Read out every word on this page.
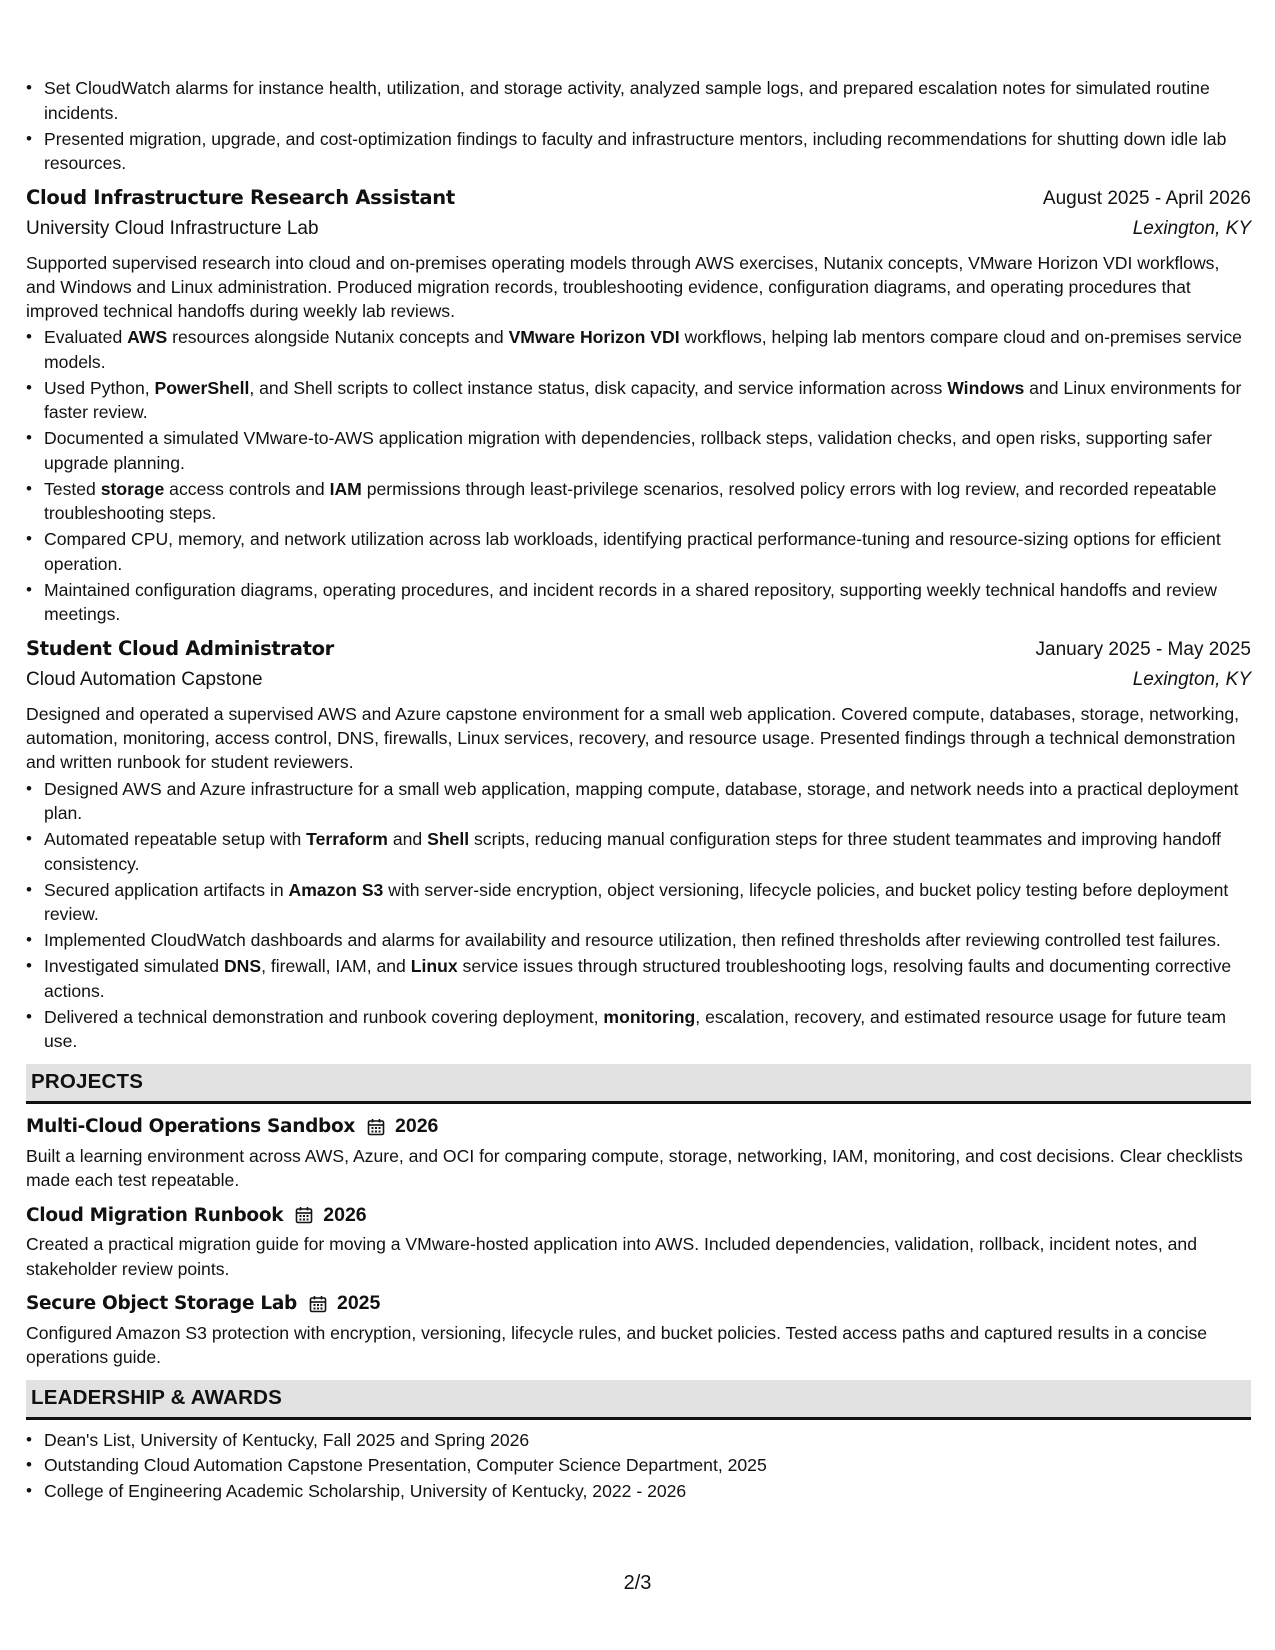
• Set CloudWatch alarms for instance health, utilization, and storage activity, analyzed sample logs, and prepared escalation notes for simulated routine incidents.
• Presented migration, upgrade, and cost-optimization findings to faculty and infrastructure mentors, including recommendations for shutting down idle lab resources.
Cloud Infrastructure Research Assistant	August 2025 - April 2026
University Cloud Infrastructure Lab	Lexington, KY

Supported supervised research into cloud and on-premises operating models through AWS exercises, Nutanix concepts, VMware Horizon VDI workflows, and Windows and Linux administration. Produced migration records, troubleshooting evidence, configuration diagrams, and operating procedures that improved technical handoffs during weekly lab reviews.

• Evaluated AWS resources alongside Nutanix concepts and VMware Horizon VDI workflows, helping lab mentors compare cloud and on-premises service models.
• Used Python, PowerShell, and Shell scripts to collect instance status, disk capacity, and service information across Windows and Linux environments for faster review.
• Documented a simulated VMware-to-AWS application migration with dependencies, rollback steps, validation checks, and open risks, supporting safer upgrade planning.
• Tested storage access controls and IAM permissions through least-privilege scenarios, resolved policy errors with log review, and recorded repeatable troubleshooting steps.
• Compared CPU, memory, and network utilization across lab workloads, identifying practical performance-tuning and resource-sizing options for efficient operation.
• Maintained configuration diagrams, operating procedures, and incident records in a shared repository, supporting weekly technical handoffs and review meetings.
Student Cloud Administrator	January 2025 - May 2025
Cloud Automation Capstone	Lexington, KY

Designed and operated a supervised AWS and Azure capstone environment for a small web application. Covered compute, databases, storage, networking, automation, monitoring, access control, DNS, firewalls, Linux services, recovery, and resource usage. Presented findings through a technical demonstration and written runbook for student reviewers.

• Designed AWS and Azure infrastructure for a small web application, mapping compute, database, storage, and network needs into a practical deployment plan.
• Automated repeatable setup with Terraform and Shell scripts, reducing manual configuration steps for three student teammates and improving handoff consistency.
• Secured application artifacts in Amazon S3 with server-side encryption, object versioning, lifecycle policies, and bucket policy testing before deployment review.
• Implemented CloudWatch dashboards and alarms for availability and resource utilization, then refined thresholds after reviewing controlled test failures.
• Investigated simulated DNS, firewall, IAM, and Linux service issues through structured troubleshooting logs, resolving faults and documenting corrective actions.
• Delivered a technical demonstration and runbook covering deployment, monitoring, escalation, recovery, and estimated resource usage for future team use.
PROJECTS
Multi-Cloud Operations Sandbox 2026

Built a learning environment across AWS, Azure, and OCI for comparing compute, storage, networking, IAM, monitoring, and cost decisions. Clear checklists made each test repeatable.

Cloud Migration Runbook 2026

Created a practical migration guide for moving a VMware-hosted application into AWS. Included dependencies, validation, rollback, incident notes, and stakeholder review points.

Secure Object Storage Lab 2025

Configured Amazon S3 protection with encryption, versioning, lifecycle rules, and bucket policies. Tested access paths and captured results in a concise operations guide.

LEADERSHIP & AWARDS
• Dean's List, University of Kentucky, Fall 2025 and Spring 2026
• Outstanding Cloud Automation Capstone Presentation, Computer Science Department, 2025
• College of Engineering Academic Scholarship, University of Kentucky, 2022 - 2026
2/3
